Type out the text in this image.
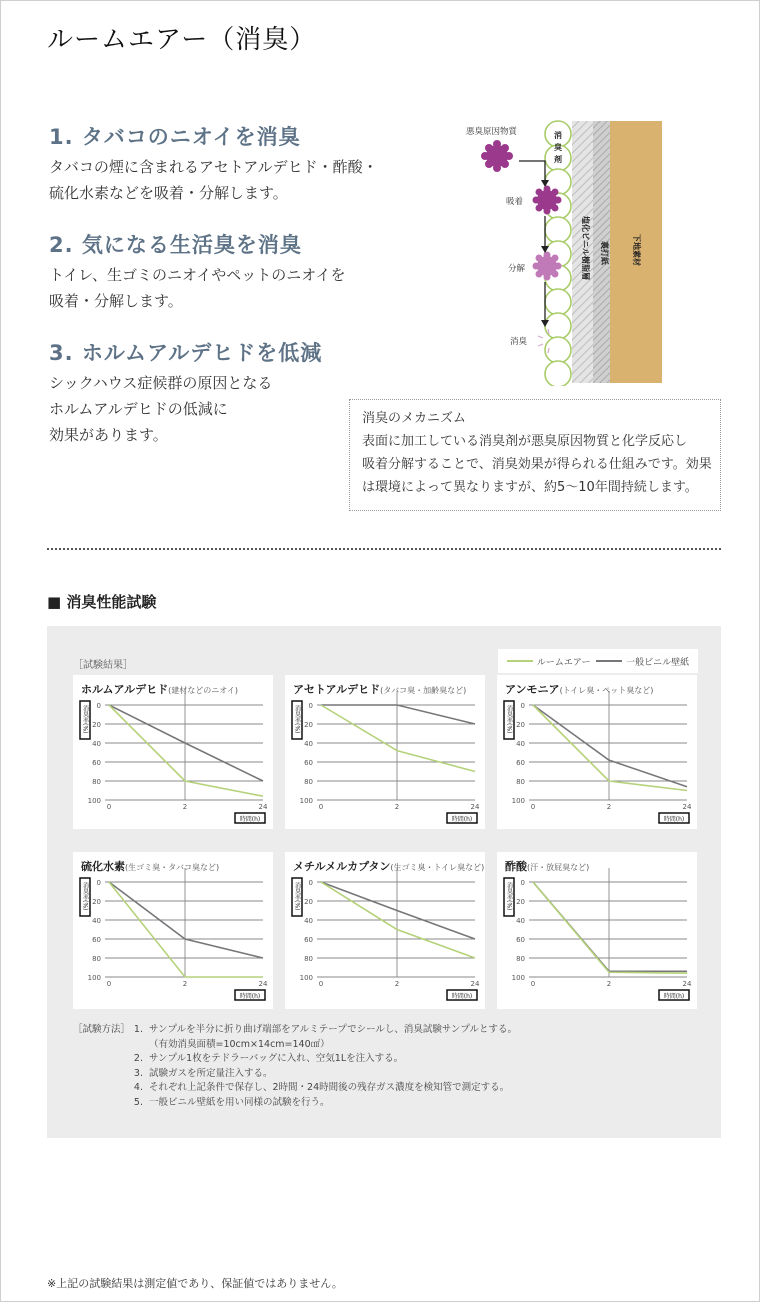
ルームエアー（消臭）
1. タバコのニオイを消臭
タバコの煙に含まれるアセトアルデヒド・酢酸・
硫化水素などを吸着・分解します。
2. 気になる生活臭を消臭
トイレ、生ゴミのニオイやペットのニオイを
吸着・分解します。
3. ホルムアルデヒドを低減
シックハウス症候群の原因となる
ホルムアルデヒドの低減に
効果があります。
消
臭
剤
塩化ビニル樹脂層 裏打紙	下地素材
悪臭原因物質
吸着
分解
消臭
消臭のメカニズム
表面に加工している消臭剤が悪臭原因物質と化学反応し
吸着分解することで、消臭効果が得られる仕組みです。効果
は環境によって異なりますが、約5～10年間持続します。
■ 消臭性能試験
［試験結果］	ルームエアー	一般ビニル壁紙
ホルムアルデヒド(建材などのニオイ)
0
20
40
60
80
100
0	2	24
消臭率(%)
時間(h)
アセトアルデヒド(タバコ臭・加齢臭など)
0
20
40
60
80
100
0	2	24
消臭率(%)
時間(h)
アンモニア(トイレ臭・ペット臭など)
0
20
40
60
80
100
0	2	24
消臭率(%)
時間(h)
硫化水素(生ゴミ臭・タバコ臭など)
0
20
40
60
80
100
0	2	24
消臭率(%)
時間(h)
メチルメルカプタン(生ゴミ臭・トイレ臭など)
0
20
40
60
80
100
0	2	24
消臭率(%)
時間(h)
酢酸(汗・放屁臭など)
0
20
40
60
80
100
0	2	24
消臭率(%)
時間(h)
［試験方法］ 1. サンプルを半分に折り曲げ端部をアルミテープでシールし、消臭試験サンプルとする。
（有効消臭面積=10cm×14cm=140㎠）
2. サンプル1枚をテドラーバッグに入れ、空気1Lを注入する。
3. 試験ガスを所定量注入する。
4. それぞれ上記条件で保存し、2時間・24時間後の残存ガス濃度を検知管で測定する。
5. 一般ビニル壁紙を用い同様の試験を行う。
※上記の試験結果は測定値であり、保証値ではありません。
